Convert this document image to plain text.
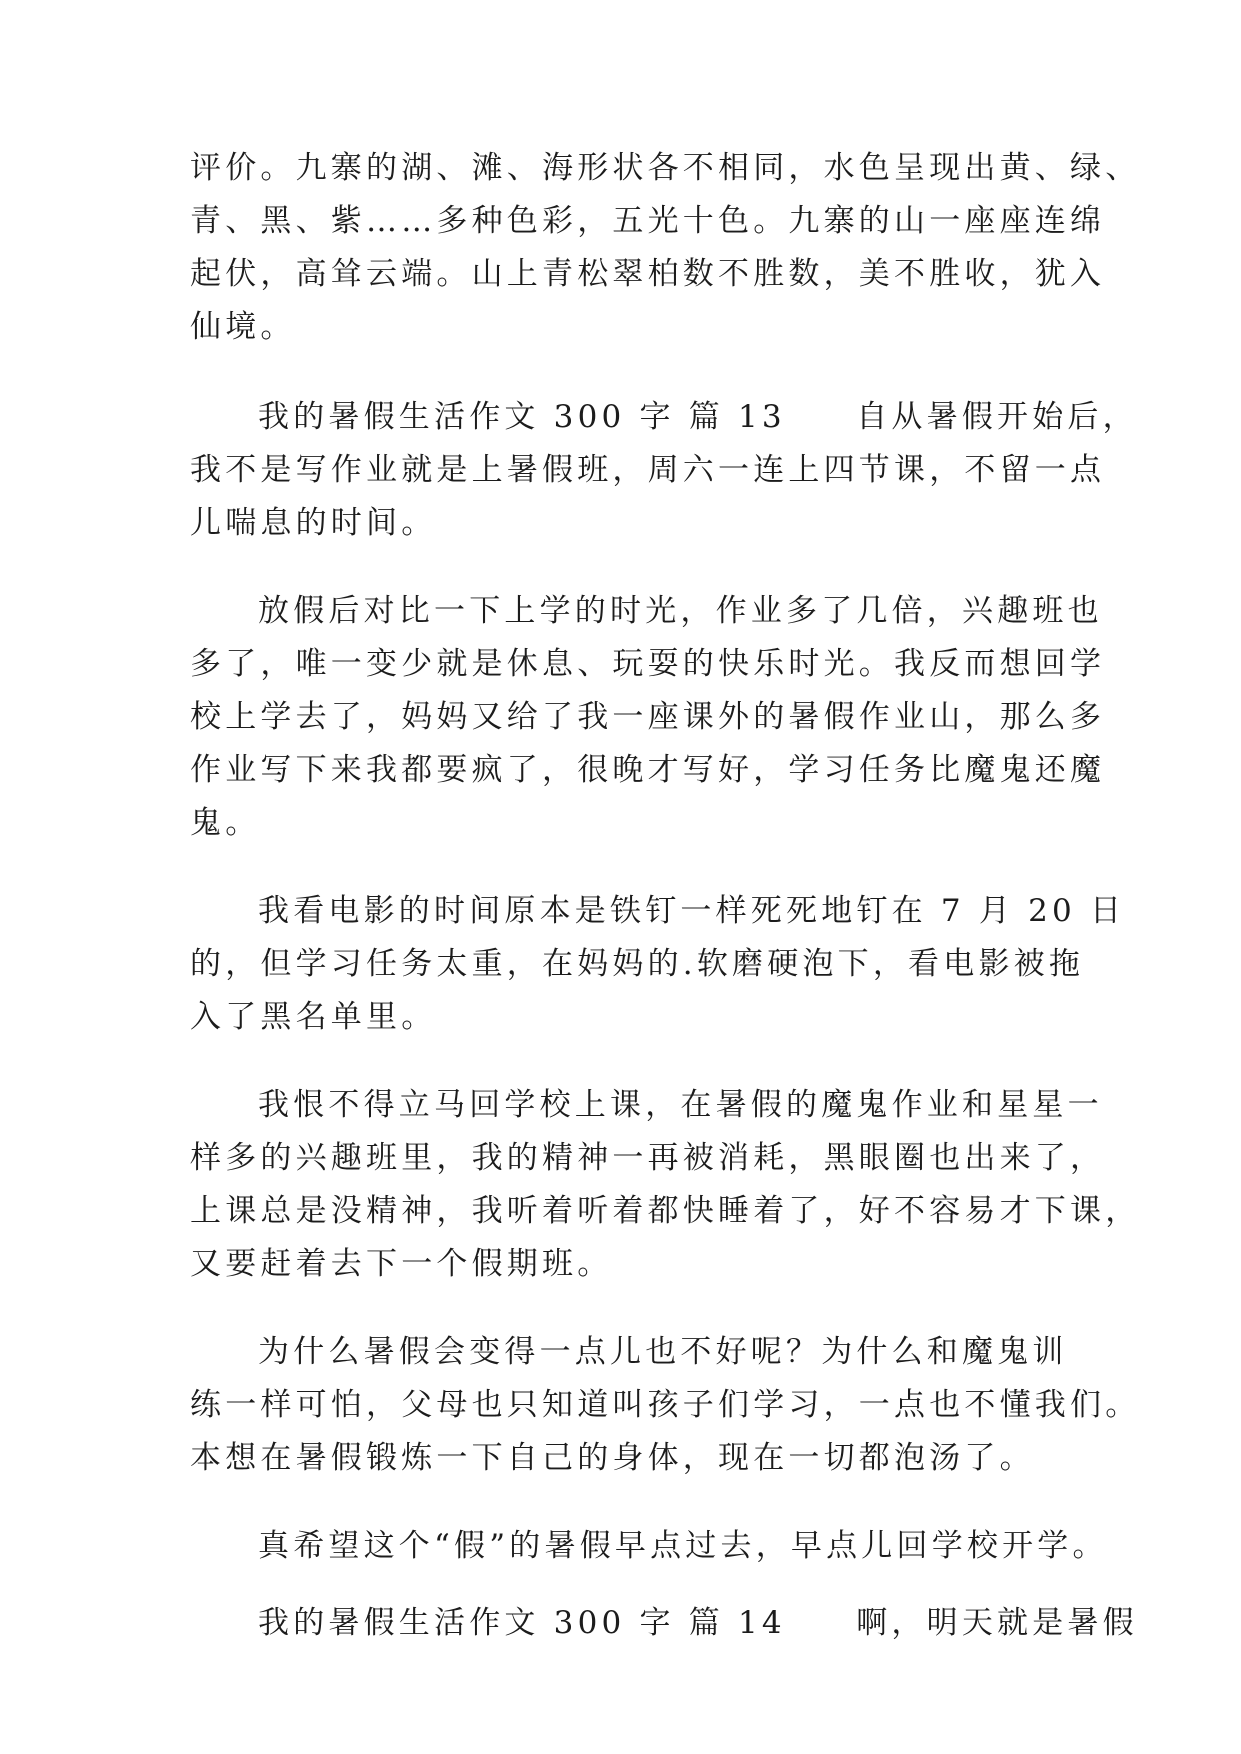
评价。九寨的湖、滩、海形状各不相同，水色呈现出黄、绿、
青、黑、紫……多种色彩，五光十色。九寨的山一座座连绵
起伏，高耸云端。山上青松翠柏数不胜数，美不胜收，犹入
仙境。
我的暑假生活作文 300 字 篇 13　　自从暑假开始后，
我不是写作业就是上暑假班，周六一连上四节课，不留一点
儿喘息的时间。
放假后对比一下上学的时光，作业多了几倍，兴趣班也
多了，唯一变少就是休息、玩耍的快乐时光。我反而想回学
校上学去了，妈妈又给了我一座课外的暑假作业山，那么多
作业写下来我都要疯了，很晚才写好，学习任务比魔鬼还魔
鬼。
我看电影的时间原本是铁钉一样死死地钉在 7 月 20 日
的，但学习任务太重，在妈妈的.软磨硬泡下，看电影被拖
入了黑名单里。
我恨不得立马回学校上课，在暑假的魔鬼作业和星星一
样多的兴趣班里，我的精神一再被消耗，黑眼圈也出来了，
上课总是没精神，我听着听着都快睡着了，好不容易才下课，
又要赶着去下一个假期班。
为什么暑假会变得一点儿也不好呢？为什么和魔鬼训
练一样可怕，父母也只知道叫孩子们学习，一点也不懂我们。
本想在暑假锻炼一下自己的身体，现在一切都泡汤了。
真希望这个“假”的暑假早点过去，早点儿回学校开学。
我的暑假生活作文 300 字 篇 14　　啊，明天就是暑假
